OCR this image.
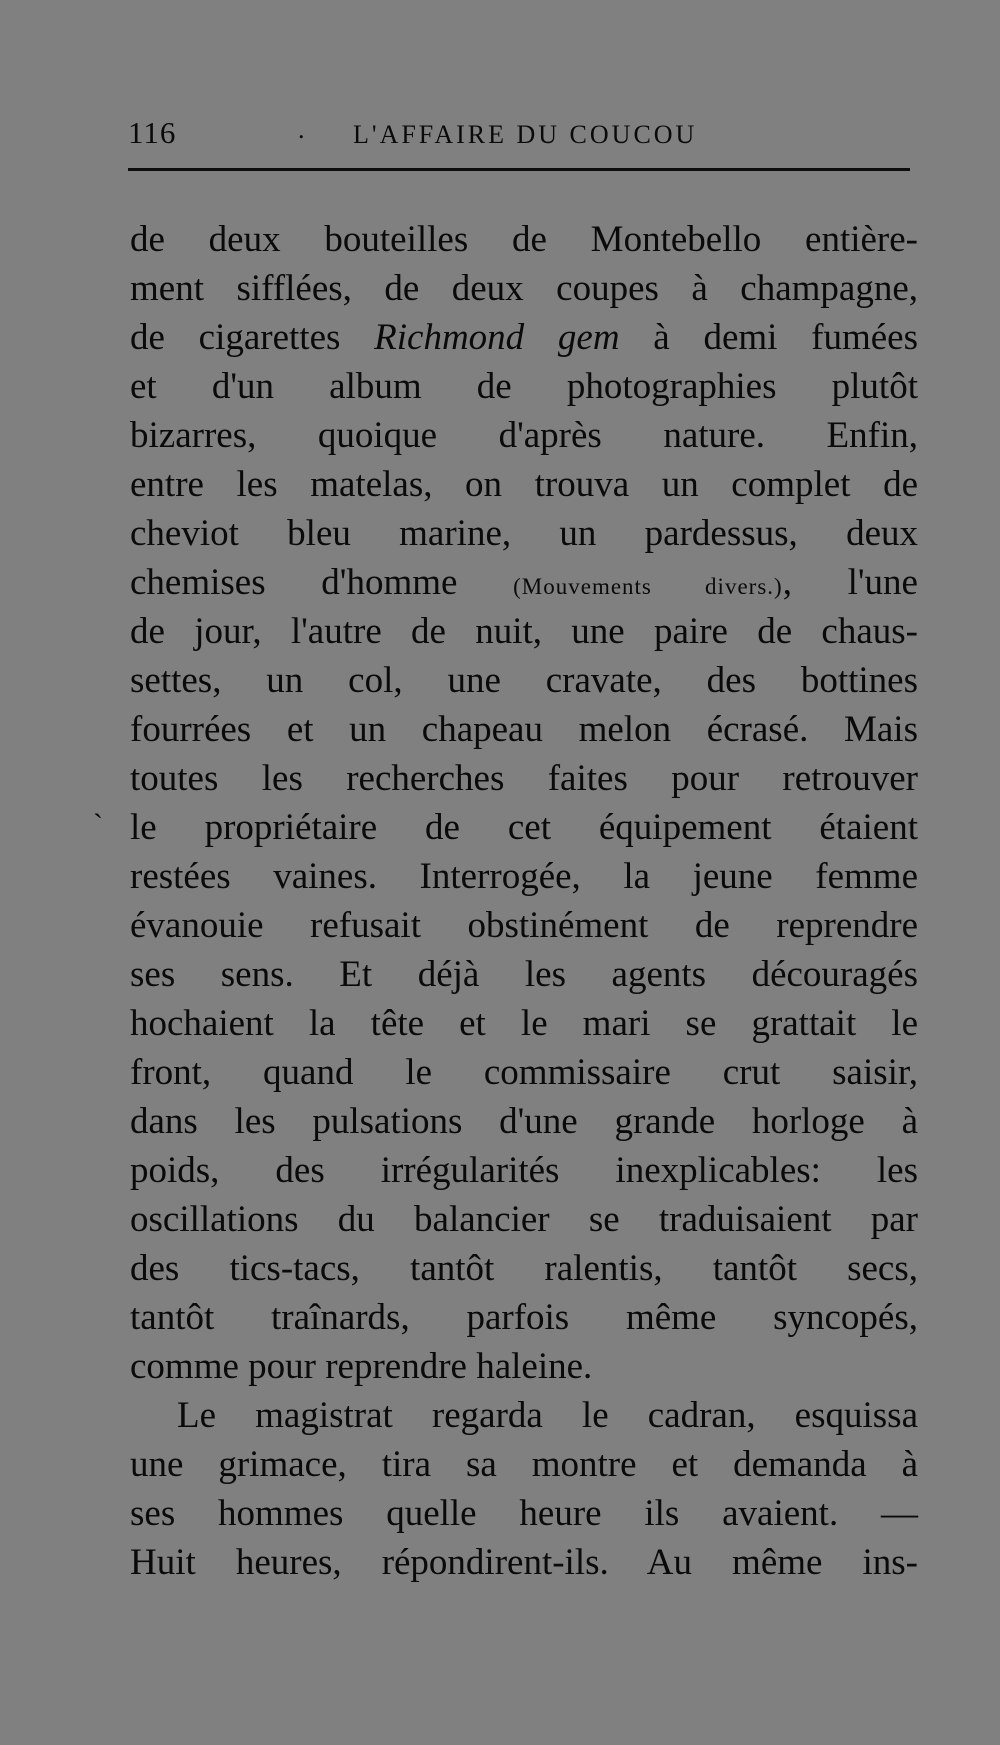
116	. L'AFFAIRE DU COUCOU
`
de deux bouteilles de Montebello entière-
ment sifflées, de deux coupes à champagne,
de cigarettes Richmond gem à demi fumées
et d'un album de photographies plutôt
bizarres, quoique d'après nature. Enfin,
entre les matelas, on trouva un complet de
cheviot bleu marine, un pardessus, deux
chemises d'homme (Mouvements divers.), l'une
de jour, l'autre de nuit, une paire de chaus-
settes, un col, une cravate, des bottines
fourrées et un chapeau melon écrasé. Mais
toutes les recherches faites pour retrouver
le propriétaire de cet équipement étaient
restées vaines. Interrogée, la jeune femme
évanouie refusait obstinément de reprendre
ses sens. Et déjà les agents découragés
hochaient la tête et le mari se grattait le
front, quand le commissaire crut saisir,
dans les pulsations d'une grande horloge à
poids, des irrégularités inexplicables: les
oscillations du balancier se traduisaient par
des tics-tacs, tantôt ralentis, tantôt secs,
tantôt traînards, parfois même syncopés,
comme pour reprendre haleine.
Le magistrat regarda le cadran, esquissa
une grimace, tira sa montre et demanda à
ses hommes quelle heure ils avaient. —
Huit heures, répondirent-ils. Au même ins-
